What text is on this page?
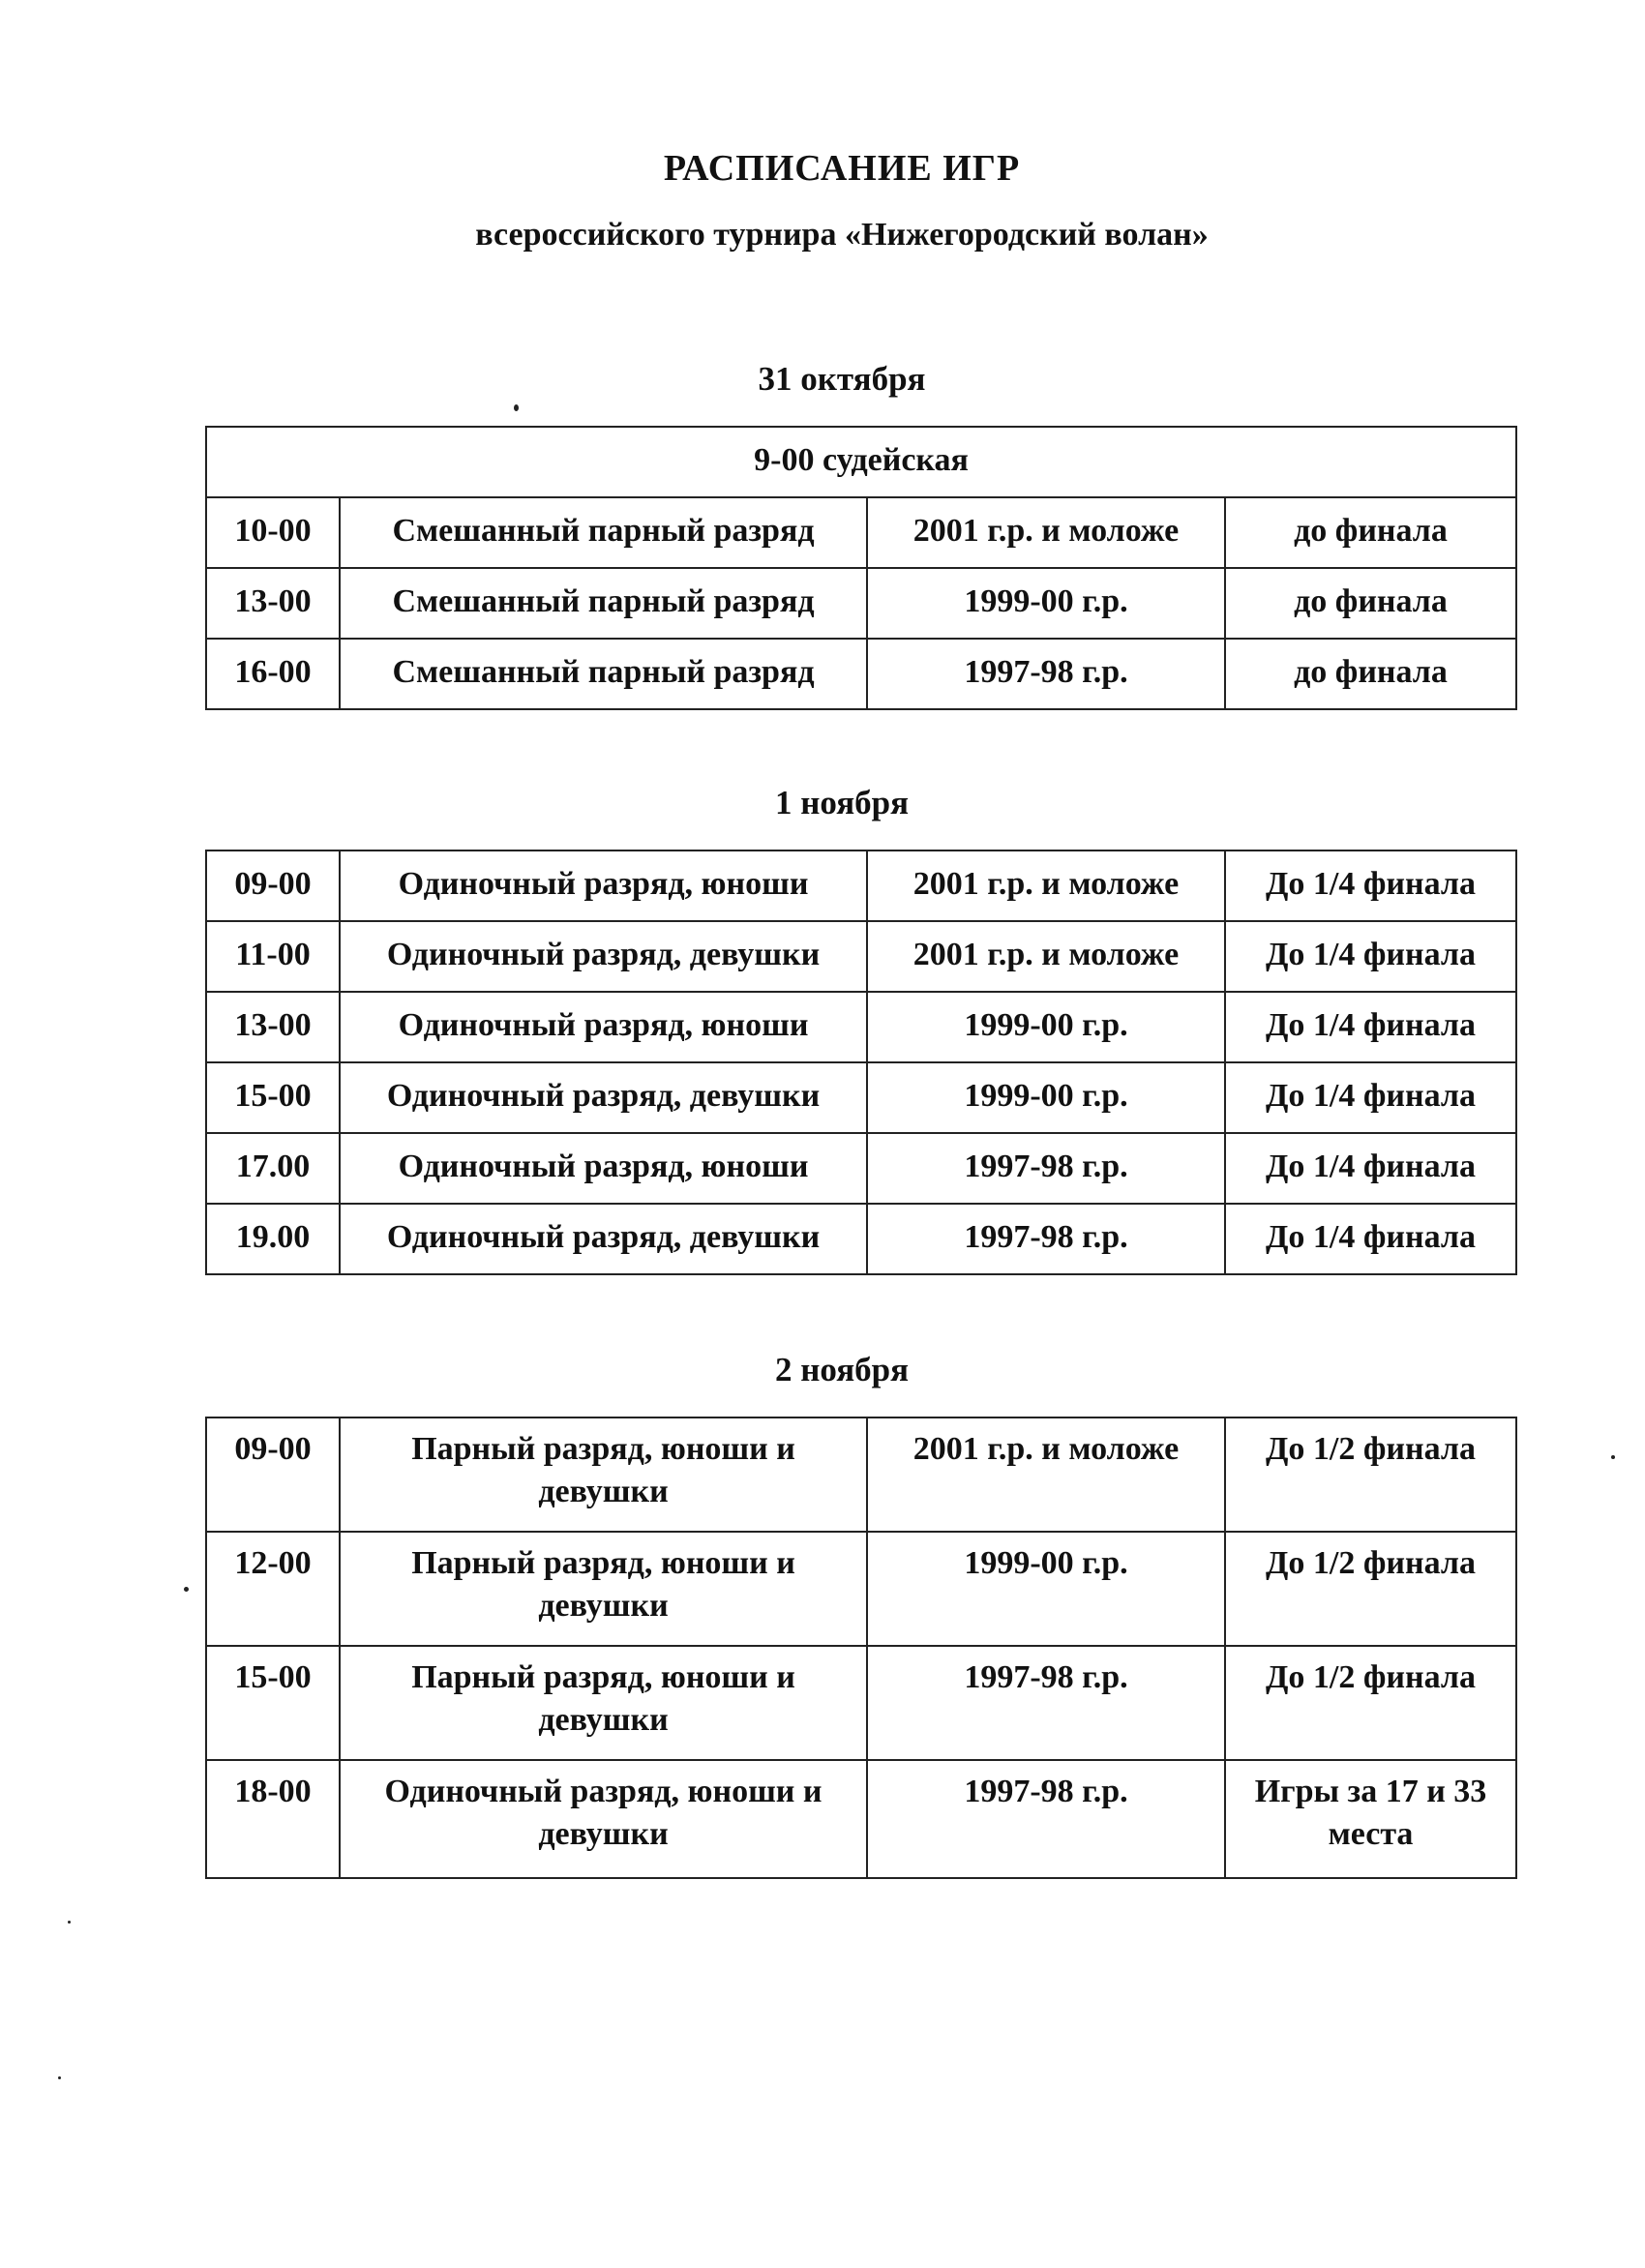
РАСПИСАНИЕ ИГР
всероссийского турнира «Нижегородский волан»
31 октября
9-00 судейская			
10-00	Смешанный парный разряд	2001 г.р. и моложе	до финала
13-00	Смешанный парный разряд	1999-00 г.р.	до финала
16-00	Смешанный парный разряд	1997-98 г.р.	до финала
1 ноября
09-00	Одиночный разряд, юноши	2001 г.р. и моложе	До 1/4 финала
11-00	Одиночный разряд, девушки	2001 г.р. и моложе	До 1/4 финала
13-00	Одиночный разряд, юноши	1999-00 г.р.	До 1/4 финала
15-00	Одиночный разряд, девушки	1999-00 г.р.	До 1/4 финала
17.00	Одиночный разряд, юноши	1997-98 г.р.	До 1/4 финала
19.00	Одиночный разряд, девушки	1997-98 г.р.	До 1/4 финала
2 ноября
09-00	Парный разряд, юноши и девушки	2001 г.р. и моложе	До 1/2 финала
12-00	Парный разряд, юноши и девушки	1999-00 г.р.	До 1/2 финала
15-00	Парный разряд, юноши и девушки	1997-98 г.р.	До 1/2 финала
18-00	Одиночный разряд, юноши и девушки	1997-98 г.р.	Игры за 17 и 33 места
